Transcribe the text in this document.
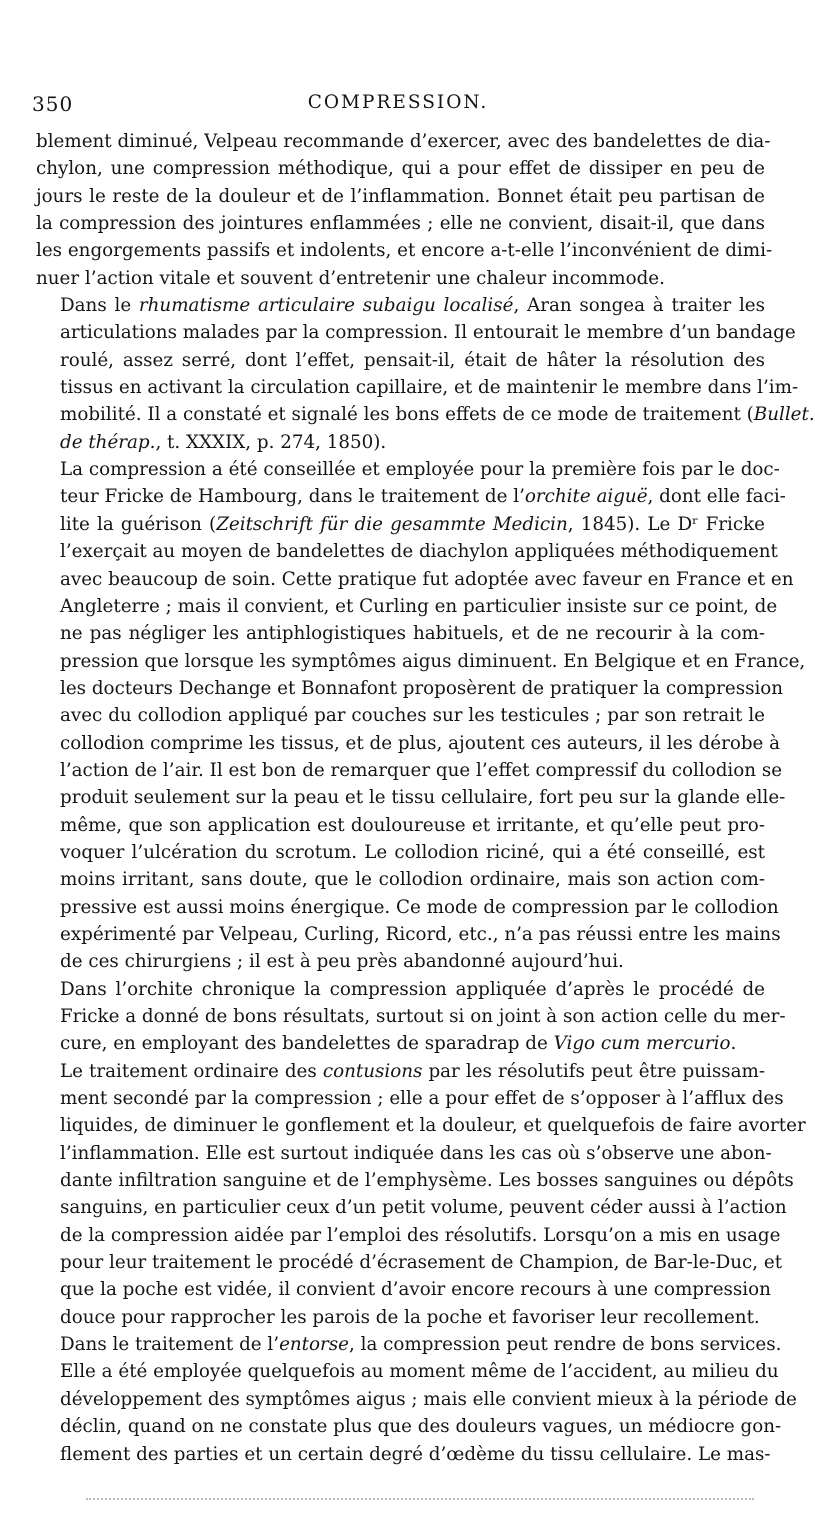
350	COMPRESSION.

blement diminué, Velpeau recommande d’exercer, avec des bandelettes de dia-
chylon, une compression méthodique, qui a pour effet de dissiper en peu de
jours le reste de la douleur et de l’inflammation. Bonnet était peu partisan de
la compression des jointures enflammées ; elle ne convient, disait-il, que dans
les engorgements passifs et indolents, et encore a-t-elle l’inconvénient de dimi-
nuer l’action vitale et souvent d’entretenir une chaleur incommode.

Dans le rhumatisme articulaire subaigu localisé, Aran songea à traiter les
articulations malades par la compression. Il entourait le membre d’un bandage
roulé, assez serré, dont l’effet, pensait-il, était de hâter la résolution des
tissus en activant la circulation capillaire, et de maintenir le membre dans l’im-
mobilité. Il a constaté et signalé les bons effets de ce mode de traitement (Bullet.
de thérap., t. XXXIX, p. 274, 1850).

La compression a été conseillée et employée pour la première fois par le doc-
teur Fricke de Hambourg, dans le traitement de l’orchite aiguë, dont elle faci-
lite la guérison (Zeitschrift für die gesammte Medicin, 1845). Le Dʳ Fricke
l’exerçait au moyen de bandelettes de diachylon appliquées méthodiquement
avec beaucoup de soin. Cette pratique fut adoptée avec faveur en France et en
Angleterre ; mais il convient, et Curling en particulier insiste sur ce point, de
ne pas négliger les antiphlogistiques habituels, et de ne recourir à la com-
pression que lorsque les symptômes aigus diminuent. En Belgique et en France,
les docteurs Dechange et Bonnafont proposèrent de pratiquer la compression
avec du collodion appliqué par couches sur les testicules ; par son retrait le
collodion comprime les tissus, et de plus, ajoutent ces auteurs, il les dérobe à
l’action de l’air. Il est bon de remarquer que l’effet compressif du collodion se
produit seulement sur la peau et le tissu cellulaire, fort peu sur la glande elle-
même, que son application est douloureuse et irritante, et qu’elle peut pro-
voquer l’ulcération du scrotum. Le collodion riciné, qui a été conseillé, est
moins irritant, sans doute, que le collodion ordinaire, mais son action com-
pressive est aussi moins énergique. Ce mode de compression par le collodion
expérimenté par Velpeau, Curling, Ricord, etc., n’a pas réussi entre les mains
de ces chirurgiens ; il est à peu près abandonné aujourd’hui.

Dans l’orchite chronique la compression appliquée d’après le procédé de
Fricke a donné de bons résultats, surtout si on joint à son action celle du mer-
cure, en employant des bandelettes de sparadrap de Vigo cum mercurio.

Le traitement ordinaire des contusions par les résolutifs peut être puissam-
ment secondé par la compression ; elle a pour effet de s’opposer à l’afflux des
liquides, de diminuer le gonflement et la douleur, et quelquefois de faire avorter
l’inflammation. Elle est surtout indiquée dans les cas où s’observe une abon-
dante infiltration sanguine et de l’emphysème. Les bosses sanguines ou dépôts
sanguins, en particulier ceux d’un petit volume, peuvent céder aussi à l’action
de la compression aidée par l’emploi des résolutifs. Lorsqu’on a mis en usage
pour leur traitement le procédé d’écrasement de Champion, de Bar-le-Duc, et
que la poche est vidée, il convient d’avoir encore recours à une compression
douce pour rapprocher les parois de la poche et favoriser leur recollement.

Dans le traitement de l’entorse, la compression peut rendre de bons services.
Elle a été employée quelquefois au moment même de l’accident, au milieu du
développement des symptômes aigus ; mais elle convient mieux à la période de
déclin, quand on ne constate plus que des douleurs vagues, un médiocre gon-
flement des parties et un certain degré d’œdème du tissu cellulaire. Le mas-
